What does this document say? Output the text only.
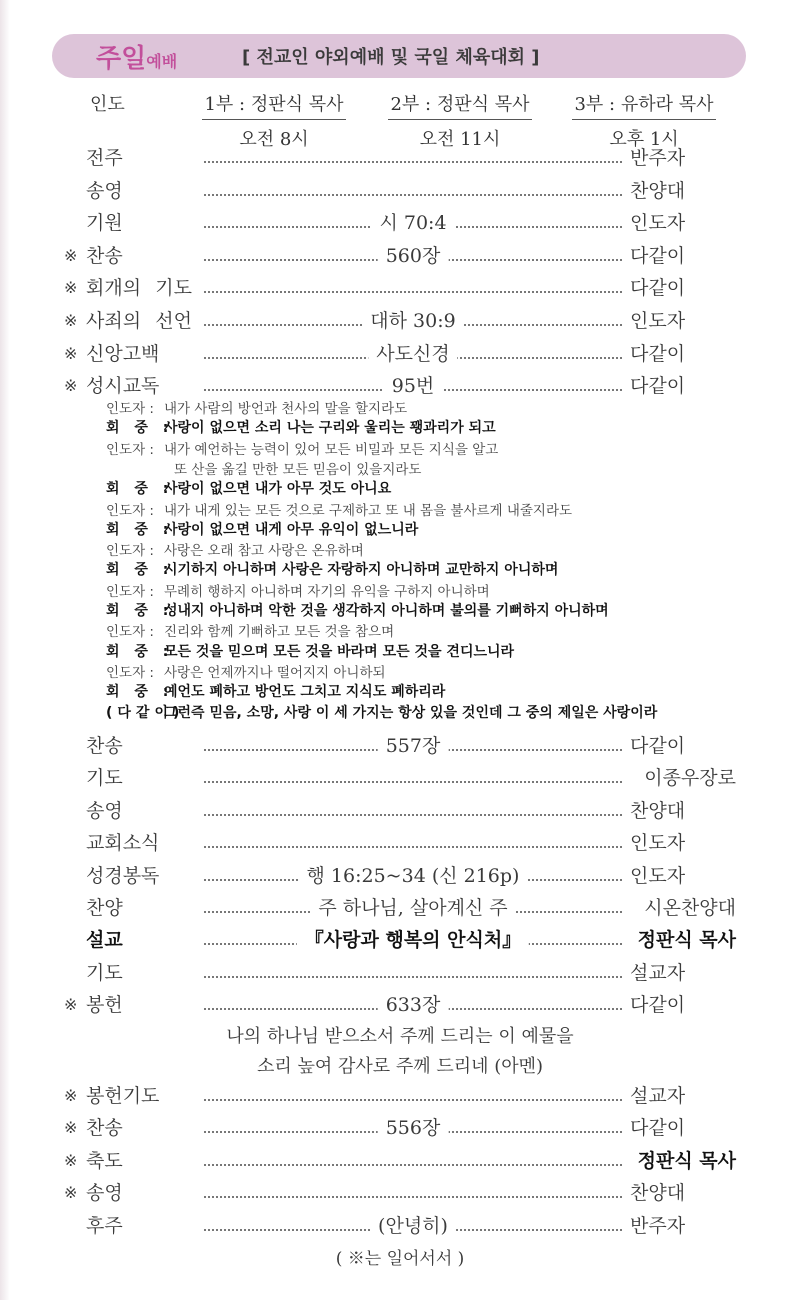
주일예배	[ 전교인 야외예배 및 국일 체육대회 ]
인도	1부 : 정판식 목사
오전 8시
2부 : 정판식 목사
오전 11시
3부 : 유하라 목사
오후 1시
전주	반주자
송영	찬양대
기원	시 70:4	인도자
※ 찬송	560장	다같이
※ 회개의 기도	다같이
※ 사죄의 선언	대하 30:9	인도자
※ 신앙고백	사도신경	다같이
※ 성시교독	95번	다같이
인도자 : 내가 사람의 방언과 천사의 말을 할지라도
회 중 :사랑이 없으면 소리 나는 구리와 울리는 꽹과리가 되고
인도자 : 내가 예언하는 능력이 있어 모든 비밀과 모든 지식을 알고
또 산을 옮길 만한 모든 믿음이 있을지라도
회 중 :사랑이 없으면 내가 아무 것도 아니요
인도자 : 내가 내게 있는 모든 것으로 구제하고 또 내 몸을 불사르게 내줄지라도
회 중 :사랑이 없으면 내게 아무 유익이 없느니라
인도자 : 사랑은 오래 참고 사랑은 온유하며
회 중 :시기하지 아니하며 사랑은 자랑하지 아니하며 교만하지 아니하며
인도자 : 무례히 행하지 아니하며 자기의 유익을 구하지 아니하며
회 중 :성내지 아니하며 악한 것을 생각하지 아니하며 불의를 기뻐하지 아니하며
인도자 : 진리와 함께 기뻐하고 모든 것을 참으며
회 중 :모든 것을 믿으며 모든 것을 바라며 모든 것을 견디느니라
인도자 : 사랑은 언제까지나 떨어지지 아니하되
회 중 :예언도 폐하고 방언도 그치고 지식도 폐하리라
(다같이)그런즉 믿음, 소망, 사랑 이 세 가지는 항상 있을 것인데 그 중의 제일은 사랑이라
찬송	557장	다같이
기도	이종우장로
송영	찬양대
교회소식	인도자
성경봉독	행 16:25~34 (신 216p)	인도자
찬양	주 하나님, 살아계신 주	시온찬양대
설교	『사랑과 행복의 안식처』	정판식 목사
기도	설교자
※ 봉헌	633장	다같이
나의 하나님 받으소서 주께 드리는 이 예물을
소리 높여 감사로 주께 드리네 (아멘)
※ 봉헌기도	설교자
※ 찬송	556장	다같이
※ 축도	정판식 목사
※ 송영	찬양대
후주	(안녕히)	반주자
( ※는 일어서서 )
